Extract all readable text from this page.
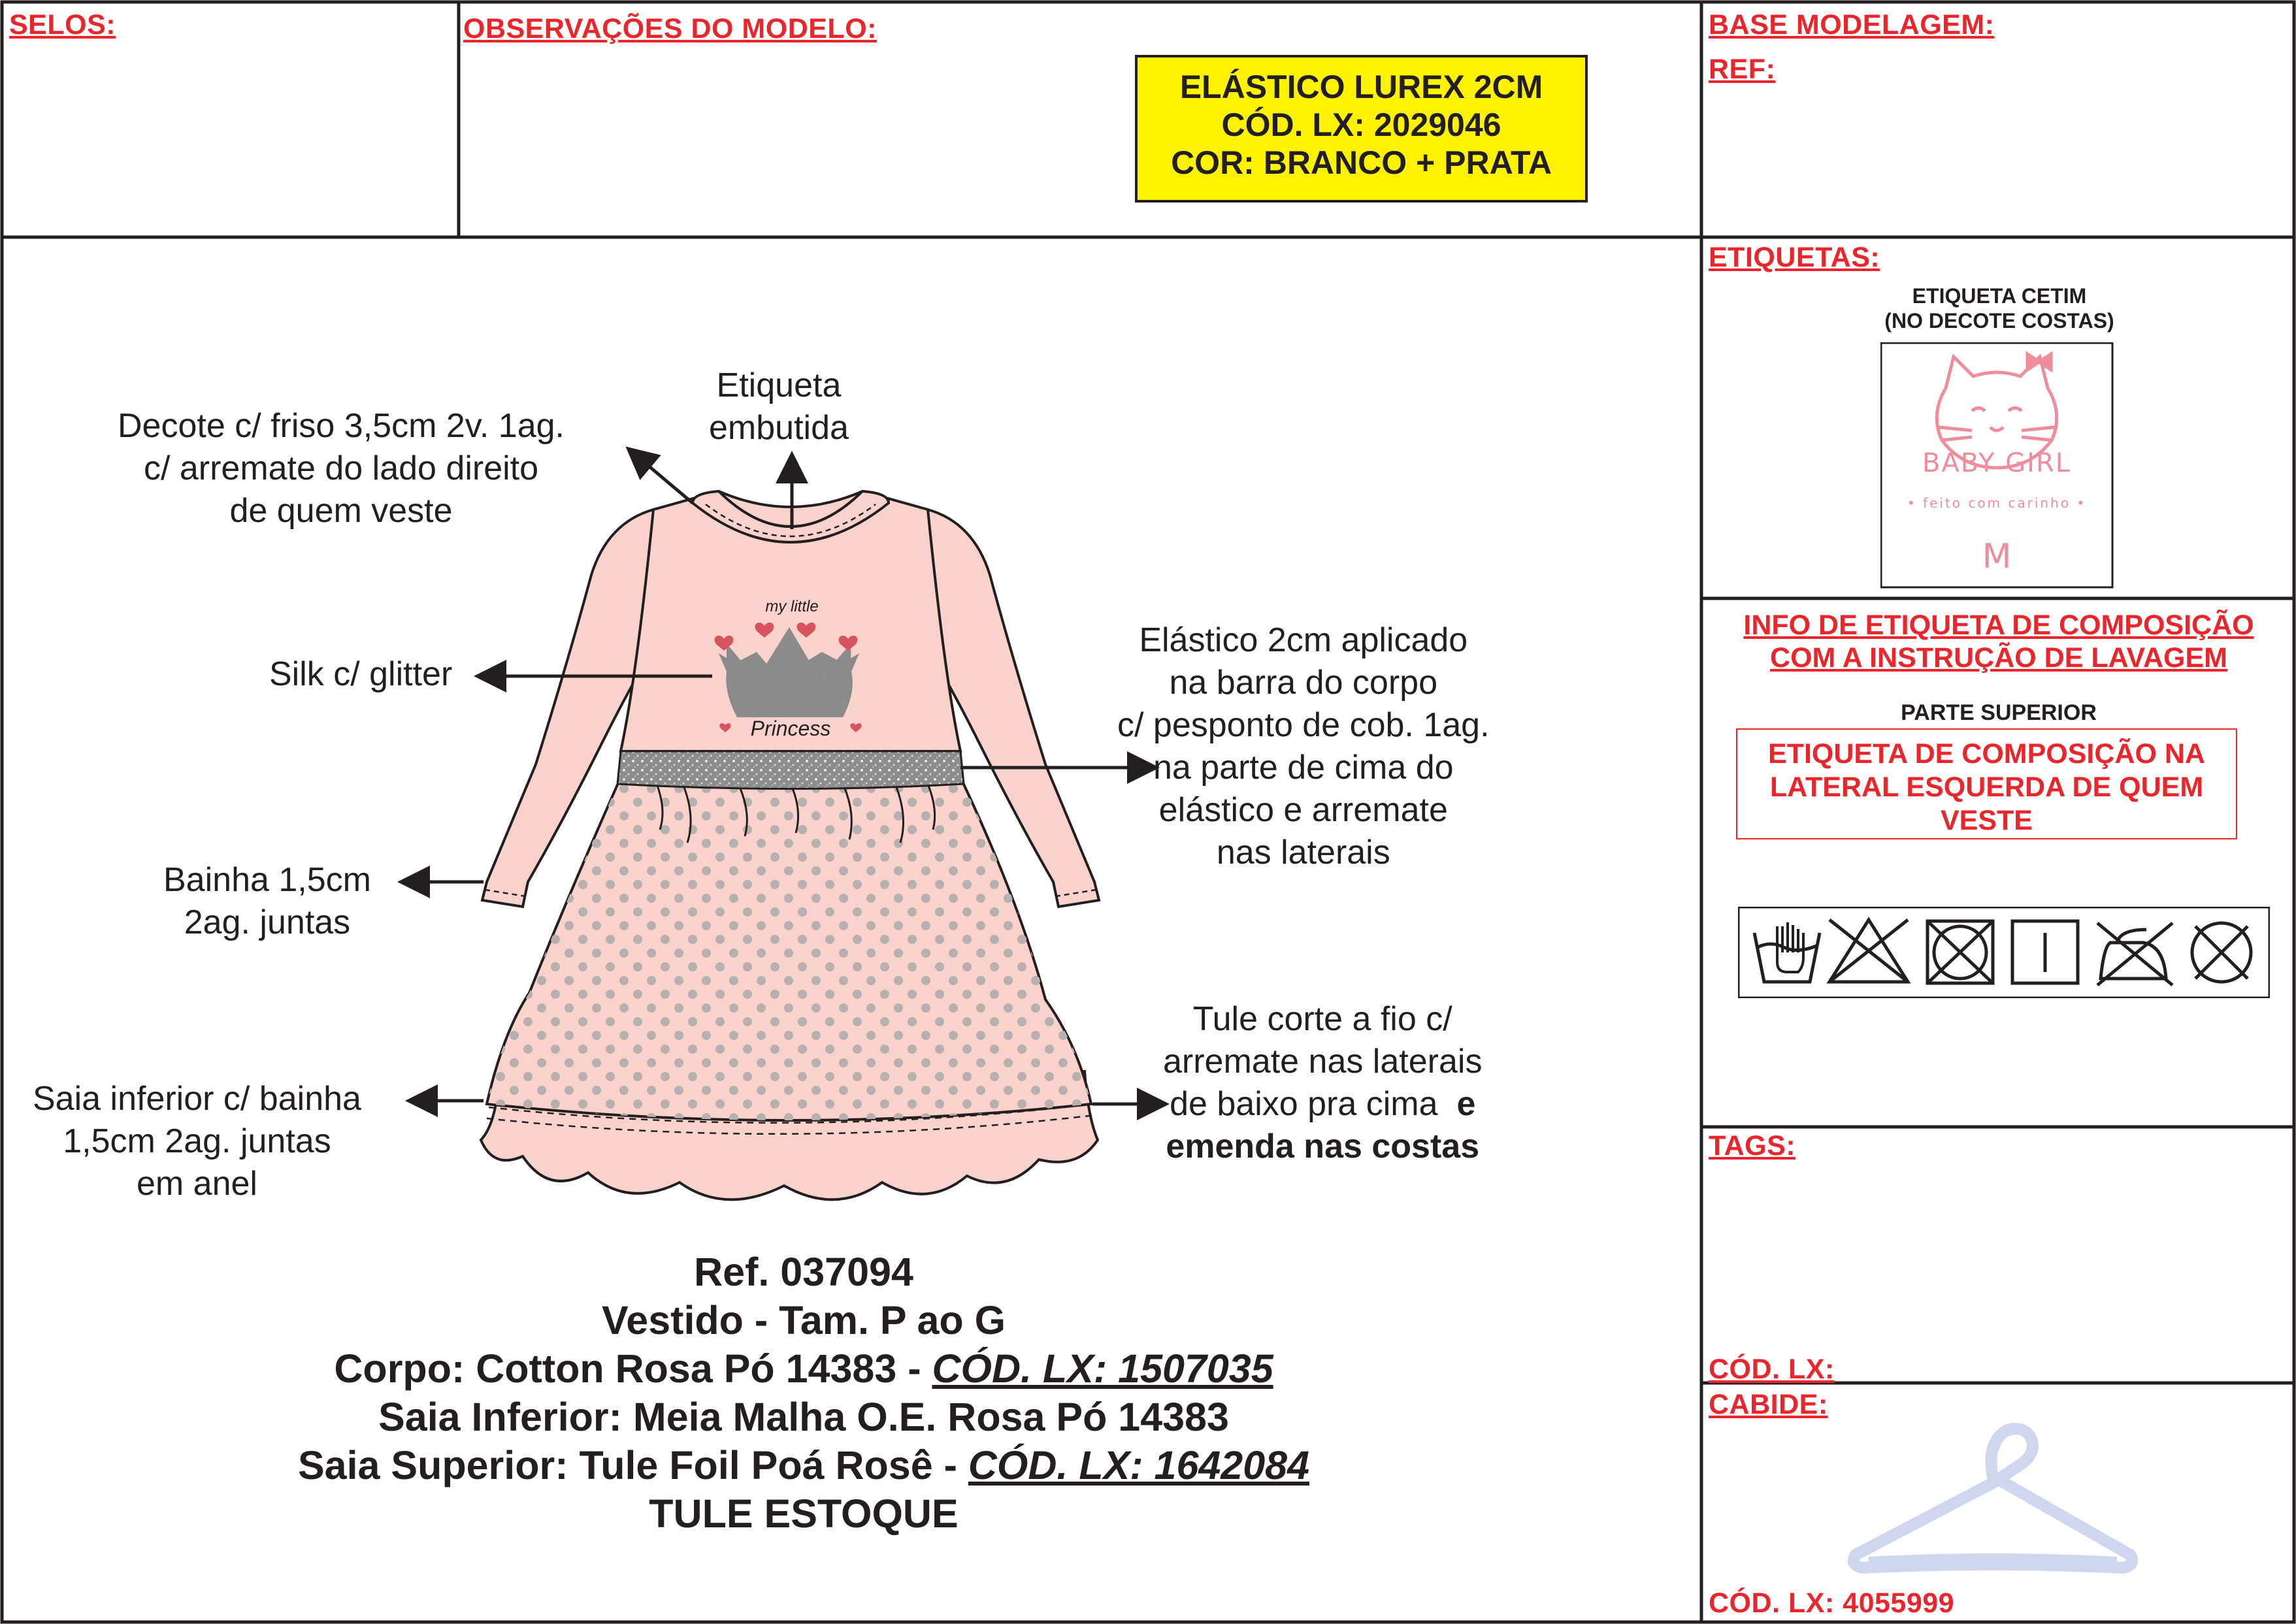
SELOS:	OBSERVAÇÕES DO MODELO:	BASE MODELAGEM:
REF:
ETIQUETAS:
TAGS:
CÓD. LX:
CABIDE:
CÓD. LX: 4055999
ELÁSTICO LUREX 2CM
CÓD. LX: 2029046
COR: BRANCO + PRATA
my little
Princess
Decote c/ friso 3,5cm 2v. 1ag.
c/ arremate do lado direito
de quem veste
Etiqueta
embutida
Silk c/ glitter
Elástico 2cm aplicado
na barra do corpo
c/ pesponto de cob. 1ag.
na parte de cima do
elástico e arremate
nas laterais
Bainha 1,5cm
2ag. juntas
Tule corte a fio c/
arremate nas laterais
de baixo pra cima e
emenda nas costas
Saia inferior c/ bainha
1,5cm 2ag. juntas
em anel
Ref. 037094
Vestido - Tam. P ao G
Corpo: Cotton Rosa Pó 14383 - CÓD. LX: 1507035
Saia Inferior: Meia Malha O.E. Rosa Pó 14383
Saia Superior: Tule Foil Poá Rosê - CÓD. LX: 1642084
TULE ESTOQUE
ETIQUETA CETIM
(NO DECOTE COSTAS)
BABY GIRL
• feito com carinho •
M
INFO DE ETIQUETA DE COMPOSIÇÃO
COM A INSTRUÇÃO DE LAVAGEM
PARTE SUPERIOR
ETIQUETA DE COMPOSIÇÃO NA
LATERAL ESQUERDA DE QUEM
VESTE
